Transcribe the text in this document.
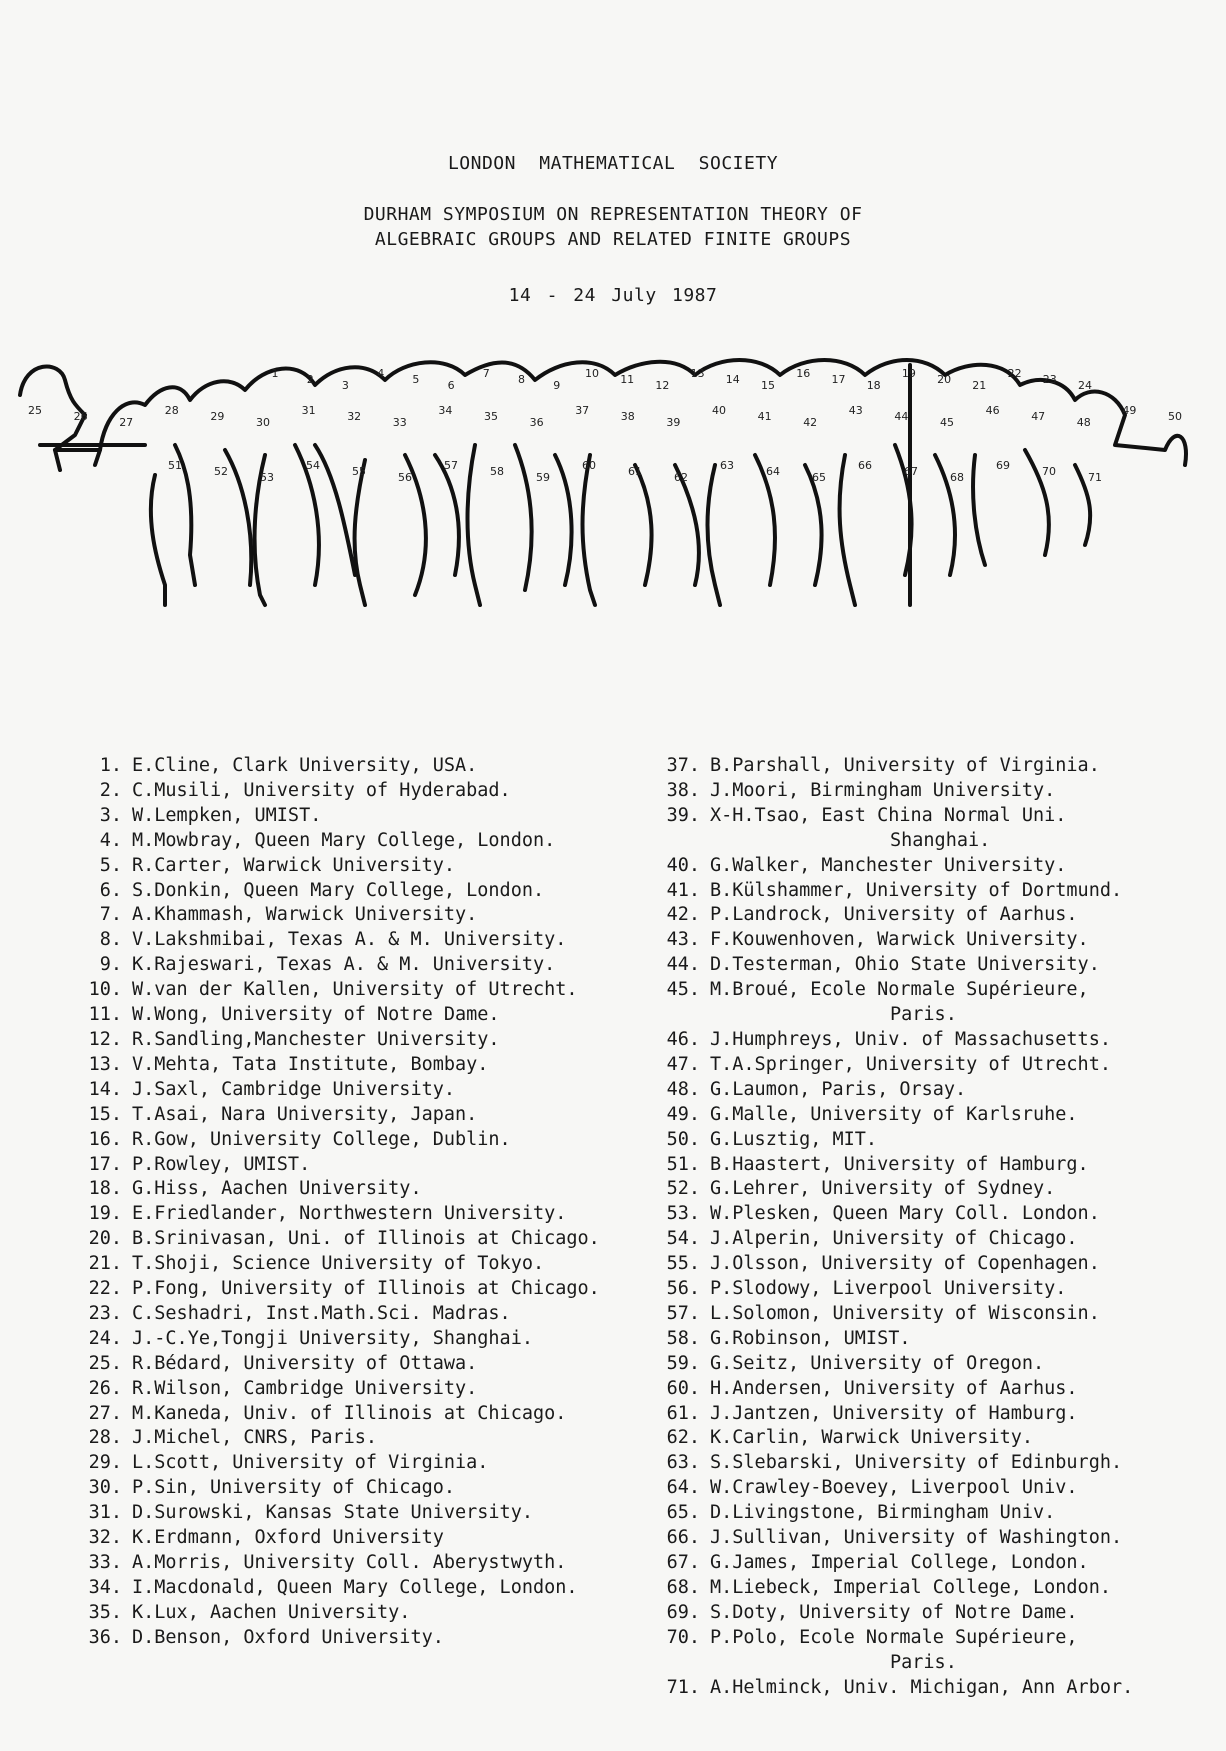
LONDON MATHEMATICAL SOCIETY
DURHAM SYMPOSIUM ON REPRESENTATION THEORY OF
ALGEBRAIC GROUPS AND RELATED FINITE GROUPS
14 - 24 July 1987
1	2	3
4	5	6
7	8	9
10 11 12
13 14 15
16 17 18
19 20 21
22 23 24
25	26	27
28	29	30
31	32	33
34	35	36
37	38	39
40	41	42
43	44	45
46	47	48
49	50
51	52	53
54	55	56
57	58	59
60	61	62
63	64	65
66	67	68
69	70	71
1. E.Cline, Clark University, USA.
2. C.Musili, University of Hyderabad.
3. W.Lempken, UMIST.
4. M.Mowbray, Queen Mary College, London.
5. R.Carter, Warwick University.
6. S.Donkin, Queen Mary College, London.
7. A.Khammash, Warwick University.
8. V.Lakshmibai, Texas A. & M. University.
9. K.Rajeswari, Texas A. & M. University.
10. W.van der Kallen, University of Utrecht.
11. W.Wong, University of Notre Dame.
12. R.Sandling,Manchester University.
13. V.Mehta, Tata Institute, Bombay.
14. J.Saxl, Cambridge University.
15. T.Asai, Nara University, Japan.
16. R.Gow, University College, Dublin.
17. P.Rowley, UMIST.
18. G.Hiss, Aachen University.
19. E.Friedlander, Northwestern University.
20. B.Srinivasan, Uni. of Illinois at Chicago.
21. T.Shoji, Science University of Tokyo.
22. P.Fong, University of Illinois at Chicago.
23. C.Seshadri, Inst.Math.Sci. Madras.
24. J.-C.Ye,Tongji University, Shanghai.
25. R.Bédard, University of Ottawa.
26. R.Wilson, Cambridge University.
27. M.Kaneda, Univ. of Illinois at Chicago.
28. J.Michel, CNRS, Paris.
29. L.Scott, University of Virginia.
30. P.Sin, University of Chicago.
31. D.Surowski, Kansas State University.
32. K.Erdmann, Oxford University
33. A.Morris, University Coll. Aberystwyth.
34. I.Macdonald, Queen Mary College, London.
35. K.Lux, Aachen University.
36. D.Benson, Oxford University.
37. B.Parshall, University of Virginia.
38. J.Moori, Birmingham University.
39. X-H.Tsao, East China Normal Uni.
Shanghai.
40. G.Walker, Manchester University.
41. B.Külshammer, University of Dortmund.
42. P.Landrock, University of Aarhus.
43. F.Kouwenhoven, Warwick University.
44. D.Testerman, Ohio State University.
45. M.Broué, Ecole Normale Supérieure,
Paris.
46. J.Humphreys, Univ. of Massachusetts.
47. T.A.Springer, University of Utrecht.
48. G.Laumon, Paris, Orsay.
49. G.Malle, University of Karlsruhe.
50. G.Lusztig, MIT.
51. B.Haastert, University of Hamburg.
52. G.Lehrer, University of Sydney.
53. W.Plesken, Queen Mary Coll. London.
54. J.Alperin, University of Chicago.
55. J.Olsson, University of Copenhagen.
56. P.Slodowy, Liverpool University.
57. L.Solomon, University of Wisconsin.
58. G.Robinson, UMIST.
59. G.Seitz, University of Oregon.
60. H.Andersen, University of Aarhus.
61. J.Jantzen, University of Hamburg.
62. K.Carlin, Warwick University.
63. S.Slebarski, University of Edinburgh.
64. W.Crawley-Boevey, Liverpool Univ.
65. D.Livingstone, Birmingham Univ.
66. J.Sullivan, University of Washington.
67. G.James, Imperial College, London.
68. M.Liebeck, Imperial College, London.
69. S.Doty, University of Notre Dame.
70. P.Polo, Ecole Normale Supérieure,
Paris.
71. A.Helminck, Univ. Michigan, Ann Arbor.
